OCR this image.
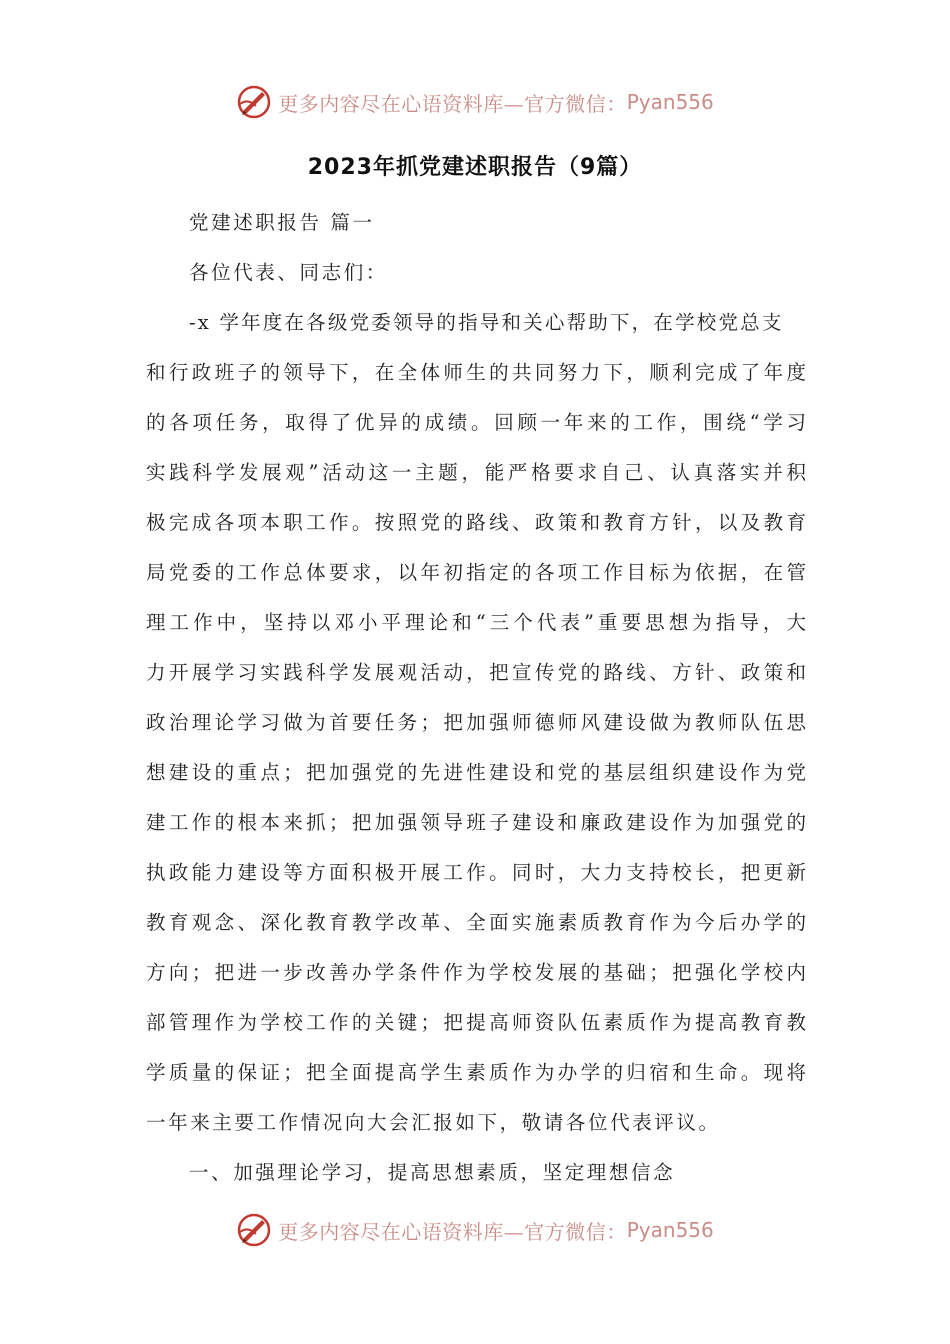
更多内容尽在心语资料库—官方微信： Pyan556
2023年抓党建述职报告（9篇）
党建述职报告 篇一
各位代表、同志们：
-x 学年度在各级党委领导的指导和关心帮助下，在学校党总支
和行政班子的领导下，在全体师生的共同努力下，顺利完成了年度
的各项任务，取得了优异的成绩。回顾一年来的工作，围绕“学习
实践科学发展观”活动这一主题，能严格要求自己、认真落实并积
极完成各项本职工作。按照党的路线、政策和教育方针，以及教育
局党委的工作总体要求，以年初指定的各项工作目标为依据，在管
理工作中，坚持以邓小平理论和“三个代表”重要思想为指导，大
力开展学习实践科学发展观活动，把宣传党的路线、方针、政策和
政治理论学习做为首要任务；把加强师德师风建设做为教师队伍思
想建设的重点；把加强党的先进性建设和党的基层组织建设作为党
建工作的根本来抓；把加强领导班子建设和廉政建设作为加强党的
执政能力建设等方面积极开展工作。同时，大力支持校长，把更新
教育观念、深化教育教学改革、全面实施素质教育作为今后办学的
方向；把进一步改善办学条件作为学校发展的基础；把强化学校内
部管理作为学校工作的关键；把提高师资队伍素质作为提高教育教
学质量的保证；把全面提高学生素质作为办学的归宿和生命。现将
一年来主要工作情况向大会汇报如下，敬请各位代表评议。
一、加强理论学习，提高思想素质，坚定理想信念
更多内容尽在心语资料库—官方微信： Pyan556
